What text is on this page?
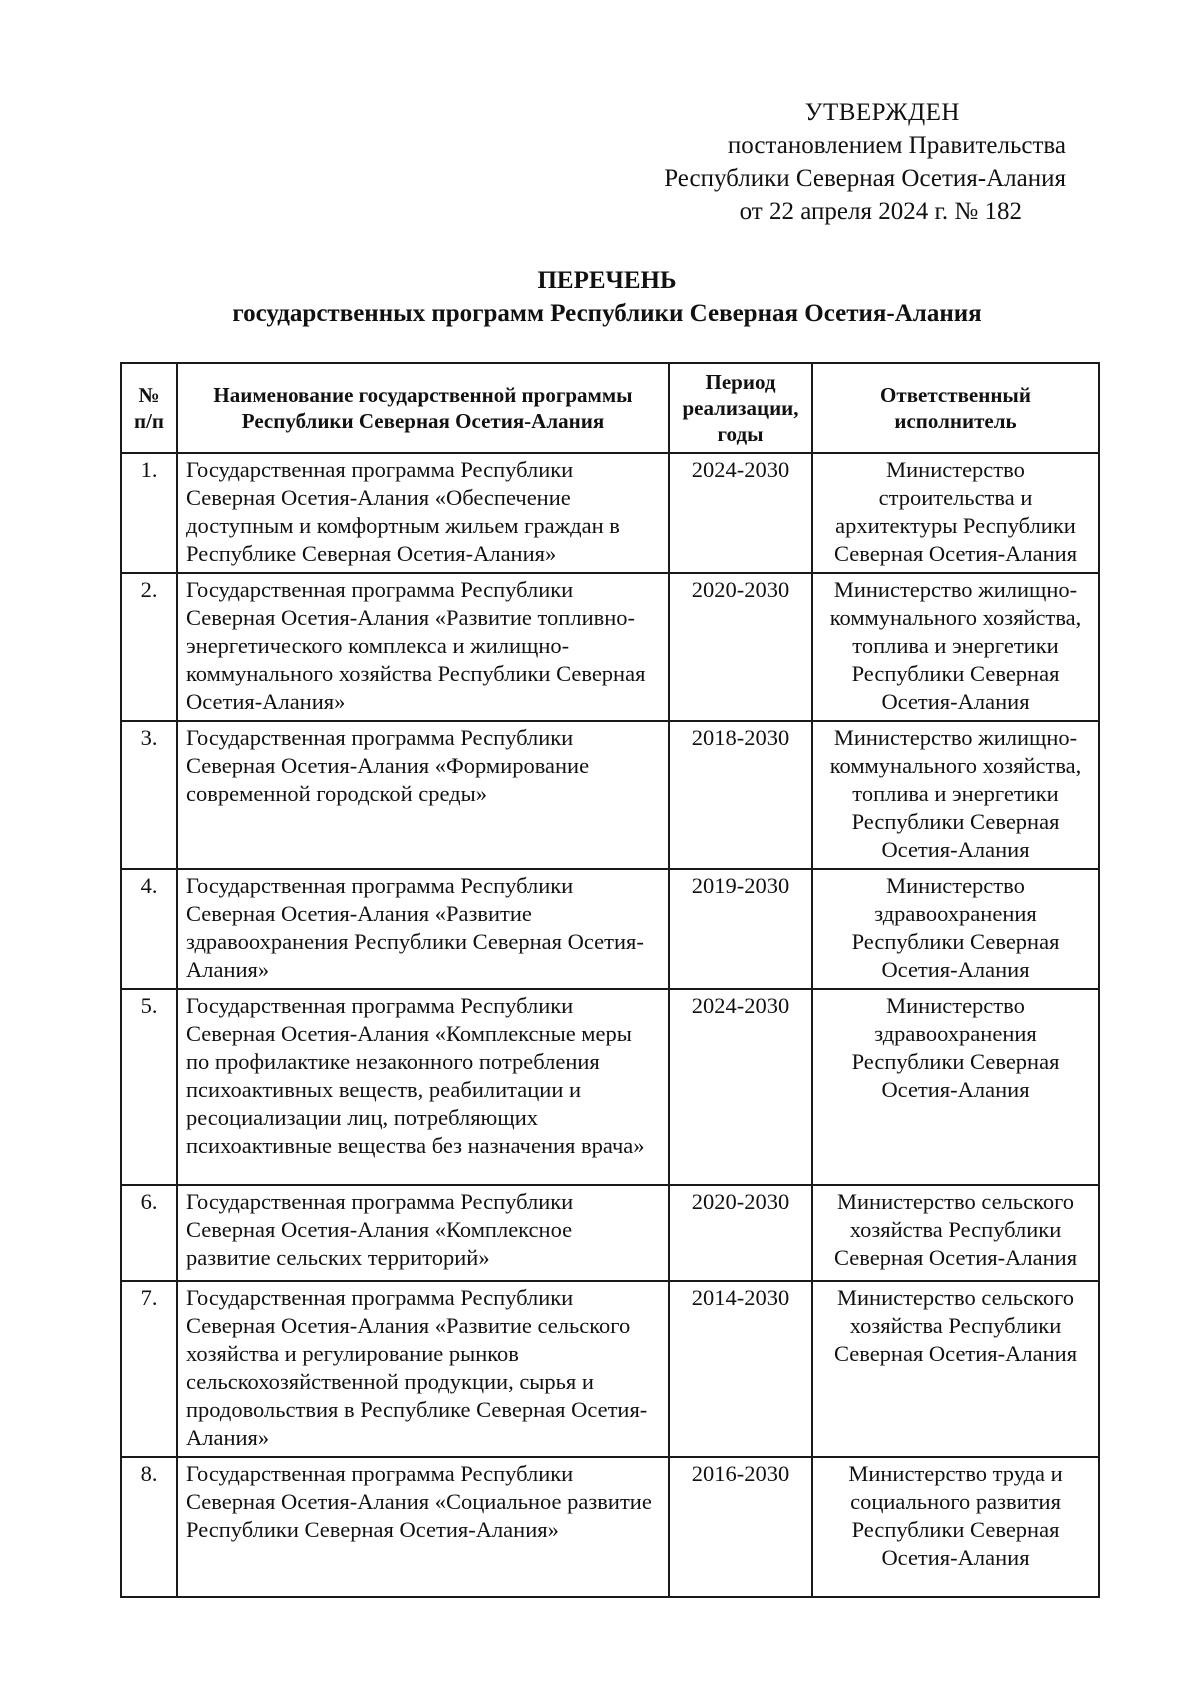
УТВЕРЖДЕН
постановлением Правительства
Республики Северная Осетия-Алания
от 22 апреля 2024 г. № 182
ПЕРЕЧЕНЬ
государственных программ Республики Северная Осетия-Алания
№ п/п	Наименование государственной программы Республики Северная Осетия-Алания	Период реализации, годы	Ответственный исполнитель
1.	Государственная программа Республики Северная Осетия-Алания «Обеспечение доступным и комфортным жильем граждан в Республике Северная Осетия-Алания»	2024-2030	Министерство строительства и архитектуры Республики Северная Осетия-Алания
2.	Государственная программа Республики Северная Осетия-Алания «Развитие топливно-энергетического комплекса и жилищно-коммунального хозяйства Республики Северная Осетия-Алания»	2020-2030	Министерство жилищно-коммунального хозяйства, топлива и энергетики Республики Северная Осетия-Алания
3.	Государственная программа Республики Северная Осетия-Алания «Формирование современной городской среды»	2018-2030	Министерство жилищно-коммунального хозяйства, топлива и энергетики Республики Северная Осетия-Алания
4.	Государственная программа Республики Северная Осетия-Алания «Развитие здравоохранения Республики Северная Осетия-Алания»	2019-2030	Министерство здравоохранения Республики Северная Осетия-Алания
5.	Государственная программа Республики Северная Осетия-Алания «Комплексные меры по профилактике незаконного потребления психоактивных веществ, реабилитации и ресоциализации лиц, потребляющих психоактивные вещества без назначения врача»	2024-2030	Министерство здравоохранения Республики Северная Осетия-Алания
6.	Государственная программа Республики Северная Осетия-Алания «Комплексное развитие сельских территорий»	2020-2030	Министерство сельского хозяйства Республики Северная Осетия-Алания
7.	Государственная программа Республики Северная Осетия-Алания «Развитие сельского хозяйства и регулирование рынков сельскохозяйственной продукции, сырья и продовольствия в Республике Северная Осетия-Алания»	2014-2030	Министерство сельского хозяйства Республики Северная Осетия-Алания
8.	Государственная программа Республики Северная Осетия-Алания «Социальное развитие Республики Северная Осетия-Алания»	2016-2030	Министерство труда и социального развития Республики Северная Осетия-Алания
